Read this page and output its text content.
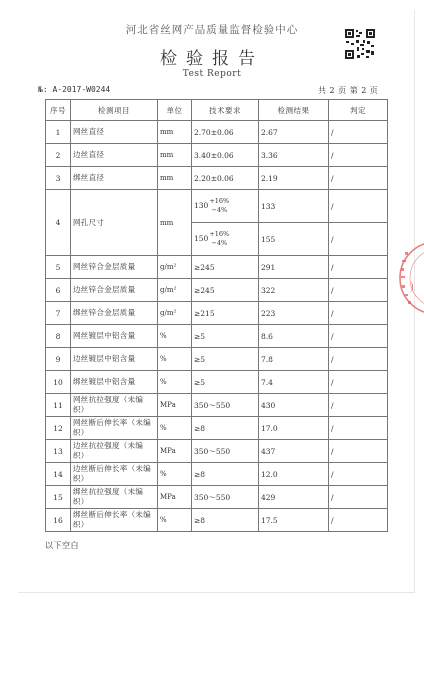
河北省丝网产品质量监督检验中心
检验报告
Test Report
№: A-2017-W0244	共 2 页 第 2 页
序号	检测项目	单位	技术要求	检测结果	判定
1	网丝直径	mm	2.70±0.06	2.67	/
2	边丝直径	mm	3.40±0.06	3.36	/
3	绑丝直径	mm	2.20±0.06	2.19	/
4	网孔尺寸	mm	130+16%
−4%	133	/
			150+16%
−4%	155	/
5	网丝锌合金层质量	g/m²	≥245	291	/
6	边丝锌合金层质量	g/m²	≥245	322	/
7	绑丝锌合金层质量	g/m²	≥215	223	/
8	网丝镀层中铝含量	%	≥5	8.6	/
9	边丝镀层中铝含量	%	≥5	7.8	/
10	绑丝镀层中铝含量	%	≥5	7.4	/
11	网丝抗拉强度（未编织）	MPa	350～550	430	/
12	网丝断后伸长率（未编织）	%	≥8	17.0	/
13	边丝抗拉强度（未编织）	MPa	350～550	437	/
14	边丝断后伸长率（未编织）	%	≥8	12.0	/
15	绑丝抗拉强度（未编织）	MPa	350～550	429	/
16	绑丝断后伸长率（未编织）	%	≥8	17.5	/
以下空白
)
